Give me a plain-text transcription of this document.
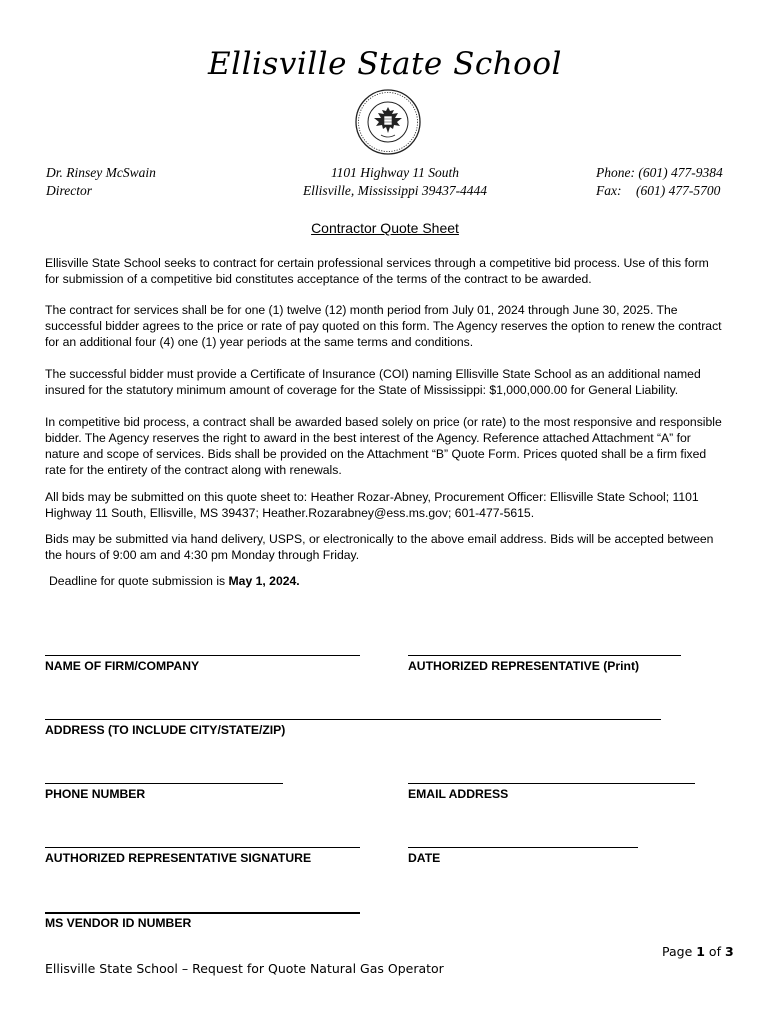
Ellisville State School
Dr. Rinsey McSwain
Director
1101 Highway 11 South
Ellisville, Mississippi 39437-4444
Phone: (601) 477-9384
Fax: (601) 477-5700
Contractor Quote Sheet

Ellisville State School seeks to contract for certain professional services through a competitive bid process. Use of this form for submission of a competitive bid constitutes acceptance of the terms of the contract to be awarded.

The contract for services shall be for one (1) twelve (12) month period from July 01, 2024 through June 30, 2025. The successful bidder agrees to the price or rate of pay quoted on this form. The Agency reserves the option to renew the contract for an additional four (4) one (1) year periods at the same terms and conditions.

The successful bidder must provide a Certificate of Insurance (COI) naming Ellisville State School as an additional named insured for the statutory minimum amount of coverage for the State of Mississippi: $1,000,000.00 for General Liability.

In competitive bid process, a contract shall be awarded based solely on price (or rate) to the most responsive and responsible bidder. The Agency reserves the right to award in the best interest of the Agency. Reference attached Attachment “A” for nature and scope of services. Bids shall be provided on the Attachment “B” Quote Form. Prices quoted shall be a firm fixed rate for the entirety of the contract along with renewals.

All bids may be submitted on this quote sheet to: Heather Rozar-Abney, Procurement Officer: Ellisville State School; 1101 Highway 11 South, Ellisville, MS 39437; Heather.Rozarabney@ess.ms.gov; 601-477-5615.

Bids may be submitted via hand delivery, USPS, or electronically to the above email address. Bids will be accepted between the hours of 9:00 am and 4:30 pm Monday through Friday.

Deadline for quote submission is May 1, 2024.

NAME OF FIRM/COMPANY	AUTHORIZED REPRESENTATIVE (Print)
ADDRESS (TO INCLUDE CITY/STATE/ZIP)
PHONE NUMBER	EMAIL ADDRESS
AUTHORIZED REPRESENTATIVE SIGNATURE	DATE
MS VENDOR ID NUMBER
Page 1 of 3
Ellisville State School – Request for Quote Natural Gas Operator
